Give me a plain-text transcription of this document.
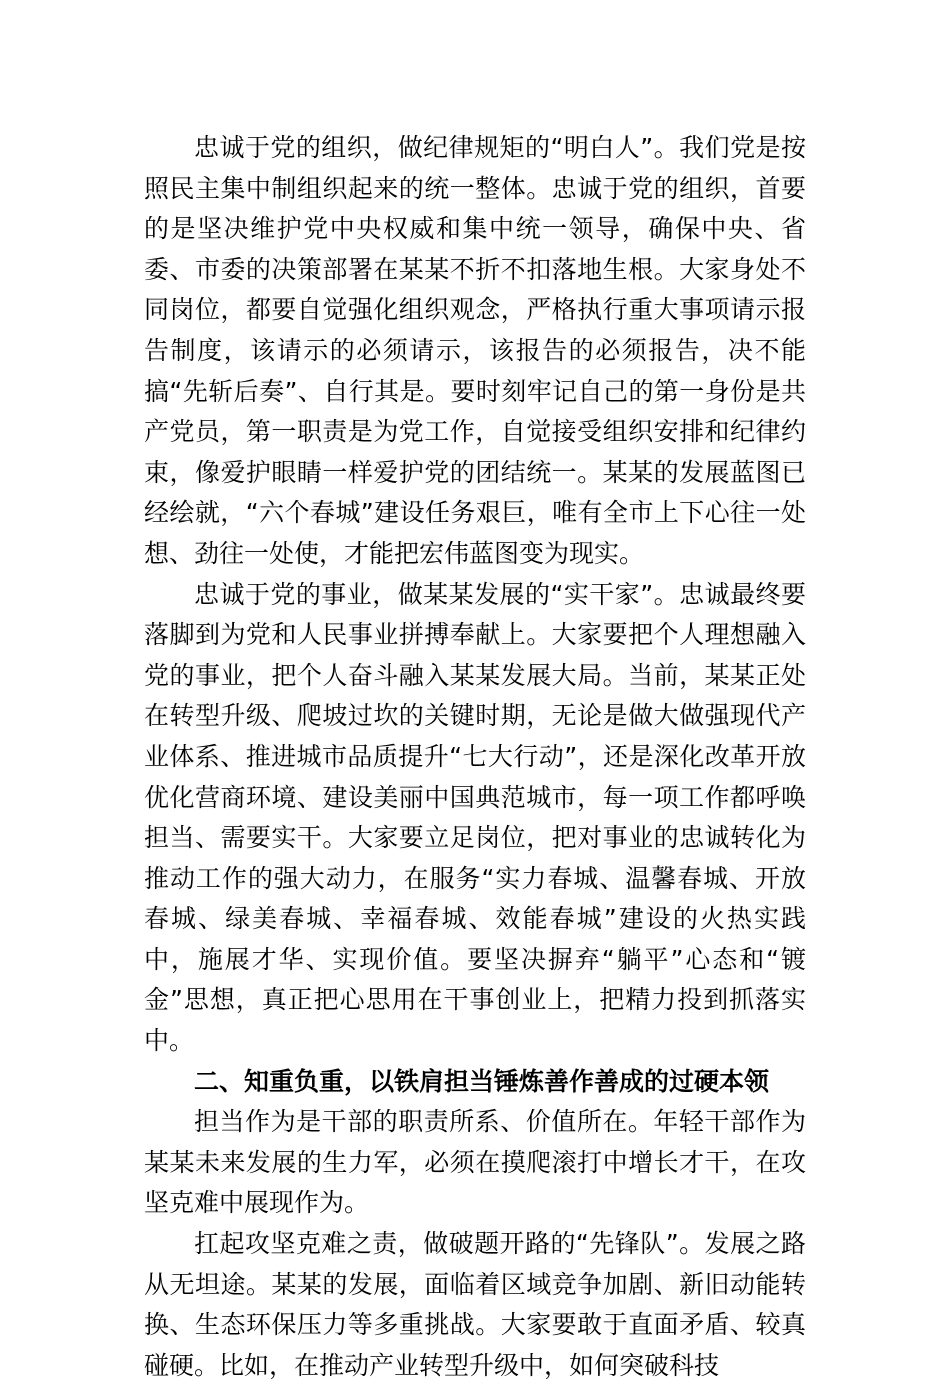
忠诚于党的组织，做纪律规矩的“明白人”。我们党是按照民主集中制组织起来的统一整体。忠诚于党的组织，首要的是坚决维护党中央权威和集中统一领导，确保中央、省委、市委的决策部署在某某不折不扣落地生根。大家身处不同岗位，都要自觉强化组织观念，严格执行重大事项请示报告制度，该请示的必须请示，该报告的必须报告，决不能搞“先斩后奏”、自行其是。要时刻牢记自己的第一身份是共产党员，第一职责是为党工作，自觉接受组织安排和纪律约束，像爱护眼睛一样爱护党的团结统一。某某的发展蓝图已经绘就，“六个春城”建设任务艰巨，唯有全市上下心往一处想、劲往一处使，才能把宏伟蓝图变为现实。

忠诚于党的事业，做某某发展的“实干家”。忠诚最终要落脚到为党和人民事业拼搏奉献上。大家要把个人理想融入党的事业，把个人奋斗融入某某发展大局。当前，某某正处在转型升级、爬坡过坎的关键时期，无论是做大做强现代产业体系、推进城市品质提升“七大行动”，还是深化改革开放优化营商环境、建设美丽中国典范城市，每一项工作都呼唤担当、需要实干。大家要立足岗位，把对事业的忠诚转化为推动工作的强大动力，在服务“实力春城、温馨春城、开放春城、绿美春城、幸福春城、效能春城”建设的火热实践中，施展才华、实现价值。要坚决摒弃“躺平”心态和“镀金”思想，真正把心思用在干事创业上，把精力投到抓落实中。

二、知重负重，以铁肩担当锤炼善作善成的过硬本领

担当作为是干部的职责所系、价值所在。年轻干部作为某某未来发展的生力军，必须在摸爬滚打中增长才干，在攻坚克难中展现作为。

扛起攻坚克难之责，做破题开路的“先锋队”。发展之路从无坦途。某某的发展，面临着区域竞争加剧、新旧动能转换、生态环保压力等多重挑战。大家要敢于直面矛盾、较真碰硬。比如，在推动产业转型升级中，如何突破科技
